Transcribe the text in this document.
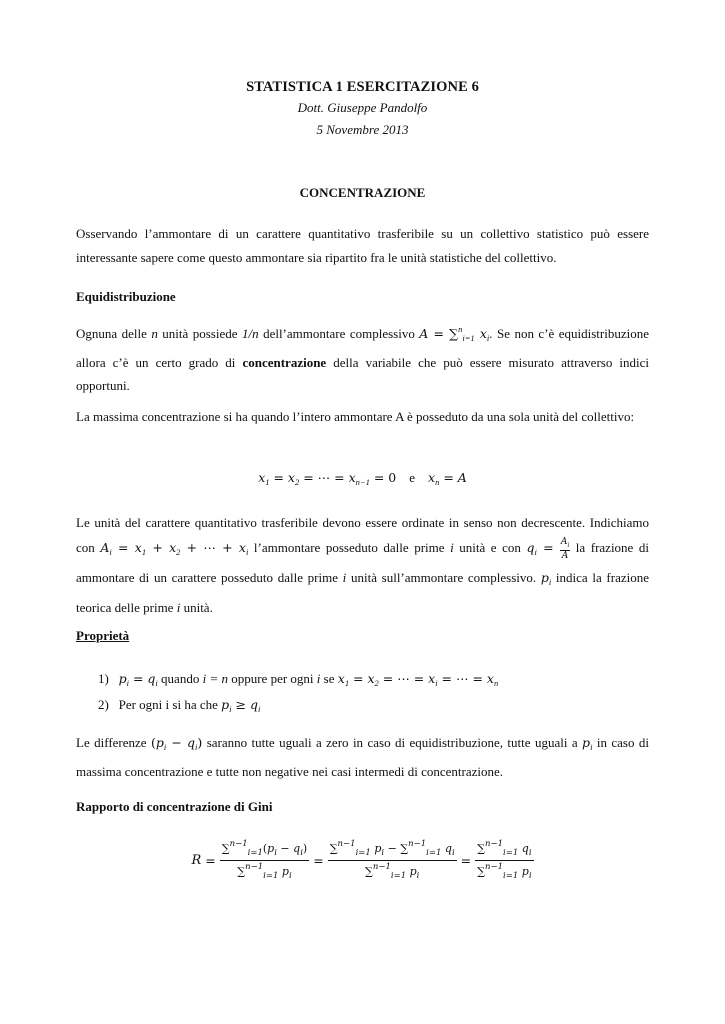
STATISTICA 1 ESERCITAZIONE 6
Dott. Giuseppe Pandolfo
5 Novembre 2013
CONCENTRAZIONE
Osservando l’ammontare di un carattere quantitativo trasferibile su un collettivo statistico può essere interessante sapere come questo ammontare sia ripartito fra le unità statistiche del collettivo.
Equidistribuzione
Ognuna delle n unità possiede 1/n dell’ammontare complessivo A = ∑$^n_{i=1}$ $x_i$. Se non c’è equidistribuzione allora c’è un certo grado di concentrazione della variabile che può essere misurato attraverso indici opportuni.
La massima concentrazione si ha quando l’intero ammontare A è posseduto da una sola unità del collettivo:
$x_1 = x_2$ = ⋯ = $x_{n-1} = 0$ e $x_n = A$
Le unità del carattere quantitativo trasferibile devono essere ordinate in senso non decrescente. Indichiamo con $A_i = x_1 + x_2$ + ⋯ + $x_i$ l’ammontare posseduto dalle prime i unità e con $q_i = \frac{A_i}{A}$ la frazione di ammontare di un carattere posseduto dalle prime i unità sull’ammontare complessivo. $p_i$ indica la frazione teorica delle prime i unità.
Proprietà
1) $p_i = q_i$ quando i = n oppure per ogni i se $x_1 = x_2$ = ⋯ = $x_i$ = ⋯ = $x_n$
2) Per ogni i si ha che $p_i \ge q_i$
Le differenze $(p_i - q_i)$ saranno tutte uguali a zero in caso di equidistribuzione, tutte uguali a $p_i$ in caso di massima concentrazione e tutte non negative nei casi intermedi di concentrazione.
Rapporto di concentrazione di Gini
$R = \frac{\sum^{n-1}_{i=1}(p_i - q_i)}{\sum^{n-1}_{i=1} p_i} = \frac{\sum^{n-1}_{i=1} p_i - \sum^{n-1}_{i=1} q_i}{\sum^{n-1}_{i=1} p_i} = \frac{\sum^{n-1}_{i=1} q_i}{\sum^{n-1}_{i=1} p_i}$
